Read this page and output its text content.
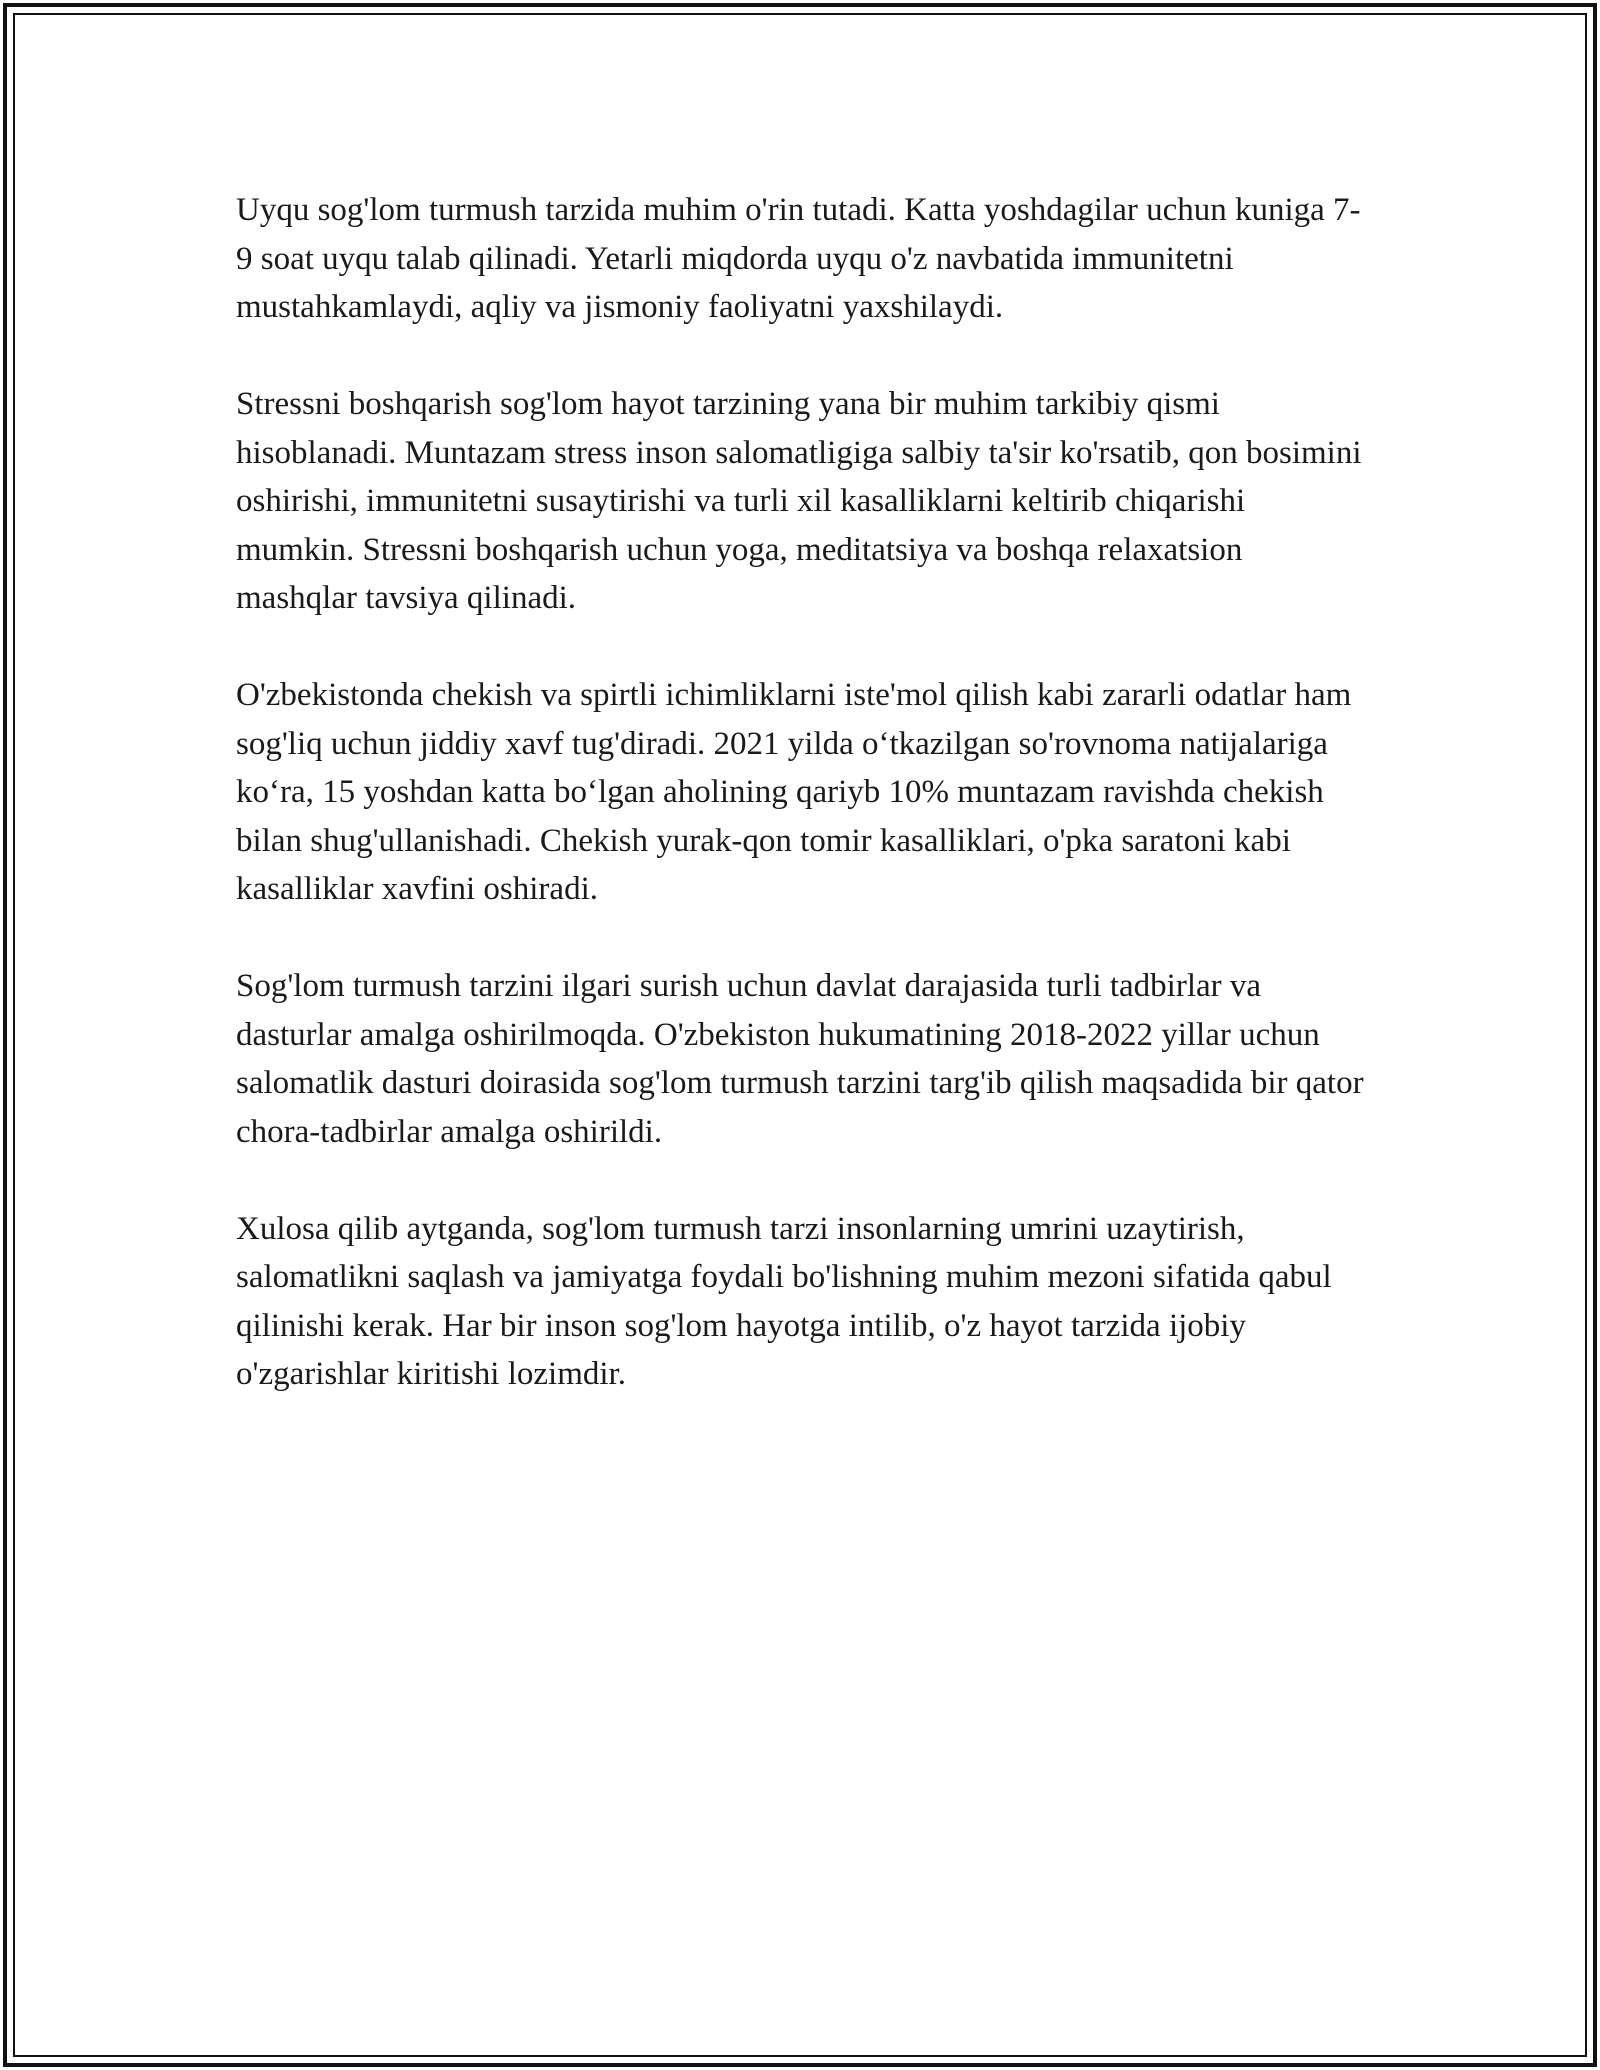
Uyqu sog'lom turmush tarzida muhim o'rin tutadi. Katta yoshdagilar uchun kuniga 7-9 soat uyqu talab qilinadi. Yetarli miqdorda uyqu o'z navbatida immunitetni mustahkamlaydi, aqliy va jismoniy faoliyatni yaxshilaydi.

Stressni boshqarish sog'lom hayot tarzining yana bir muhim tarkibiy qismi hisoblanadi. Muntazam stress inson salomatligiga salbiy ta'sir ko'rsatib, qon bosimini oshirishi, immunitetni susaytirishi va turli xil kasalliklarni keltirib chiqarishi mumkin. Stressni boshqarish uchun yoga, meditatsiya va boshqa relaxatsion mashqlar tavsiya qilinadi.

O'zbekistonda chekish va spirtli ichimliklarni iste'mol qilish kabi zararli odatlar ham sog'liq uchun jiddiy xavf tug'diradi. 2021 yilda o‘tkazilgan so'rovnoma natijalariga ko‘ra, 15 yoshdan katta bo‘lgan aholining qariyb 10% muntazam ravishda chekish bilan shug'ullanishadi. Chekish yurak-qon tomir kasalliklari, o'pka saratoni kabi kasalliklar xavfini oshiradi.

Sog'lom turmush tarzini ilgari surish uchun davlat darajasida turli tadbirlar va dasturlar amalga oshirilmoqda. O'zbekiston hukumatining 2018-2022 yillar uchun salomatlik dasturi doirasida sog'lom turmush tarzini targ'ib qilish maqsadida bir qator chora-tadbirlar amalga oshirildi.

Xulosa qilib aytganda, sog'lom turmush tarzi insonlarning umrini uzaytirish, salomatlikni saqlash va jamiyatga foydali bo'lishning muhim mezoni sifatida qabul qilinishi kerak. Har bir inson sog'lom hayotga intilib, o'z hayot tarzida ijobiy o'zgarishlar kiritishi lozimdir.
